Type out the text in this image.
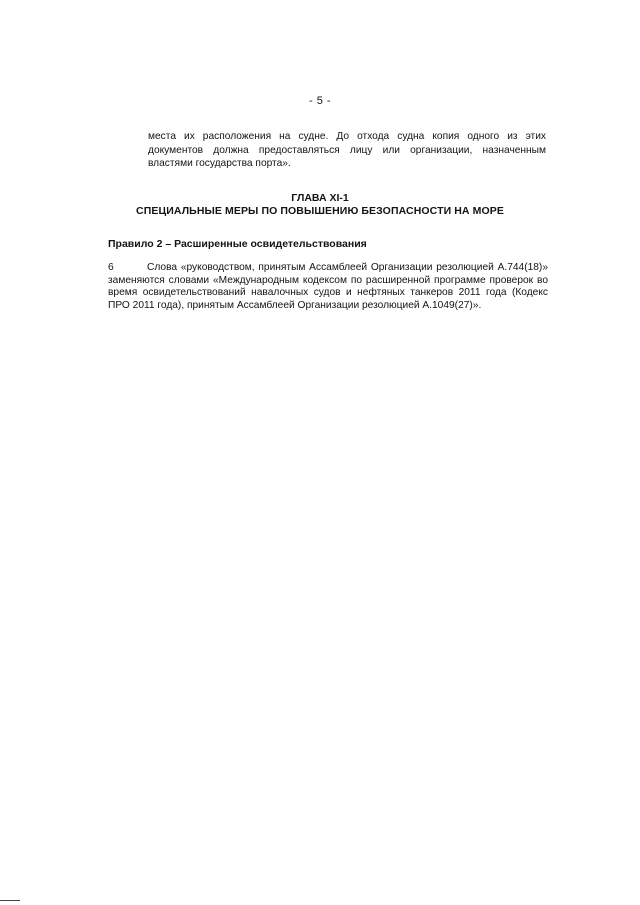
- 5 -
места их расположения на судне. До отхода судна копия одного из этих
документов должна предоставляться лицу или организации, назначенным
властями государства порта».
ГЛАВА XI-1
СПЕЦИАЛЬНЫЕ МЕРЫ ПО ПОВЫШЕНИЮ БЕЗОПАСНОСТИ НА МОРЕ
Правило 2 – Расширенные освидетельствования
6	Слова «руководством, принятым Ассамблеей Организации резолюцией A.744(18)»
заменяются словами «Международным кодексом по расширенной программе проверок во
время освидетельствований навалочных судов и нефтяных танкеров 2011 года (Кодекс
ПРО 2011 года), принятым Ассамблеей Организации резолюцией A.1049(27)».
